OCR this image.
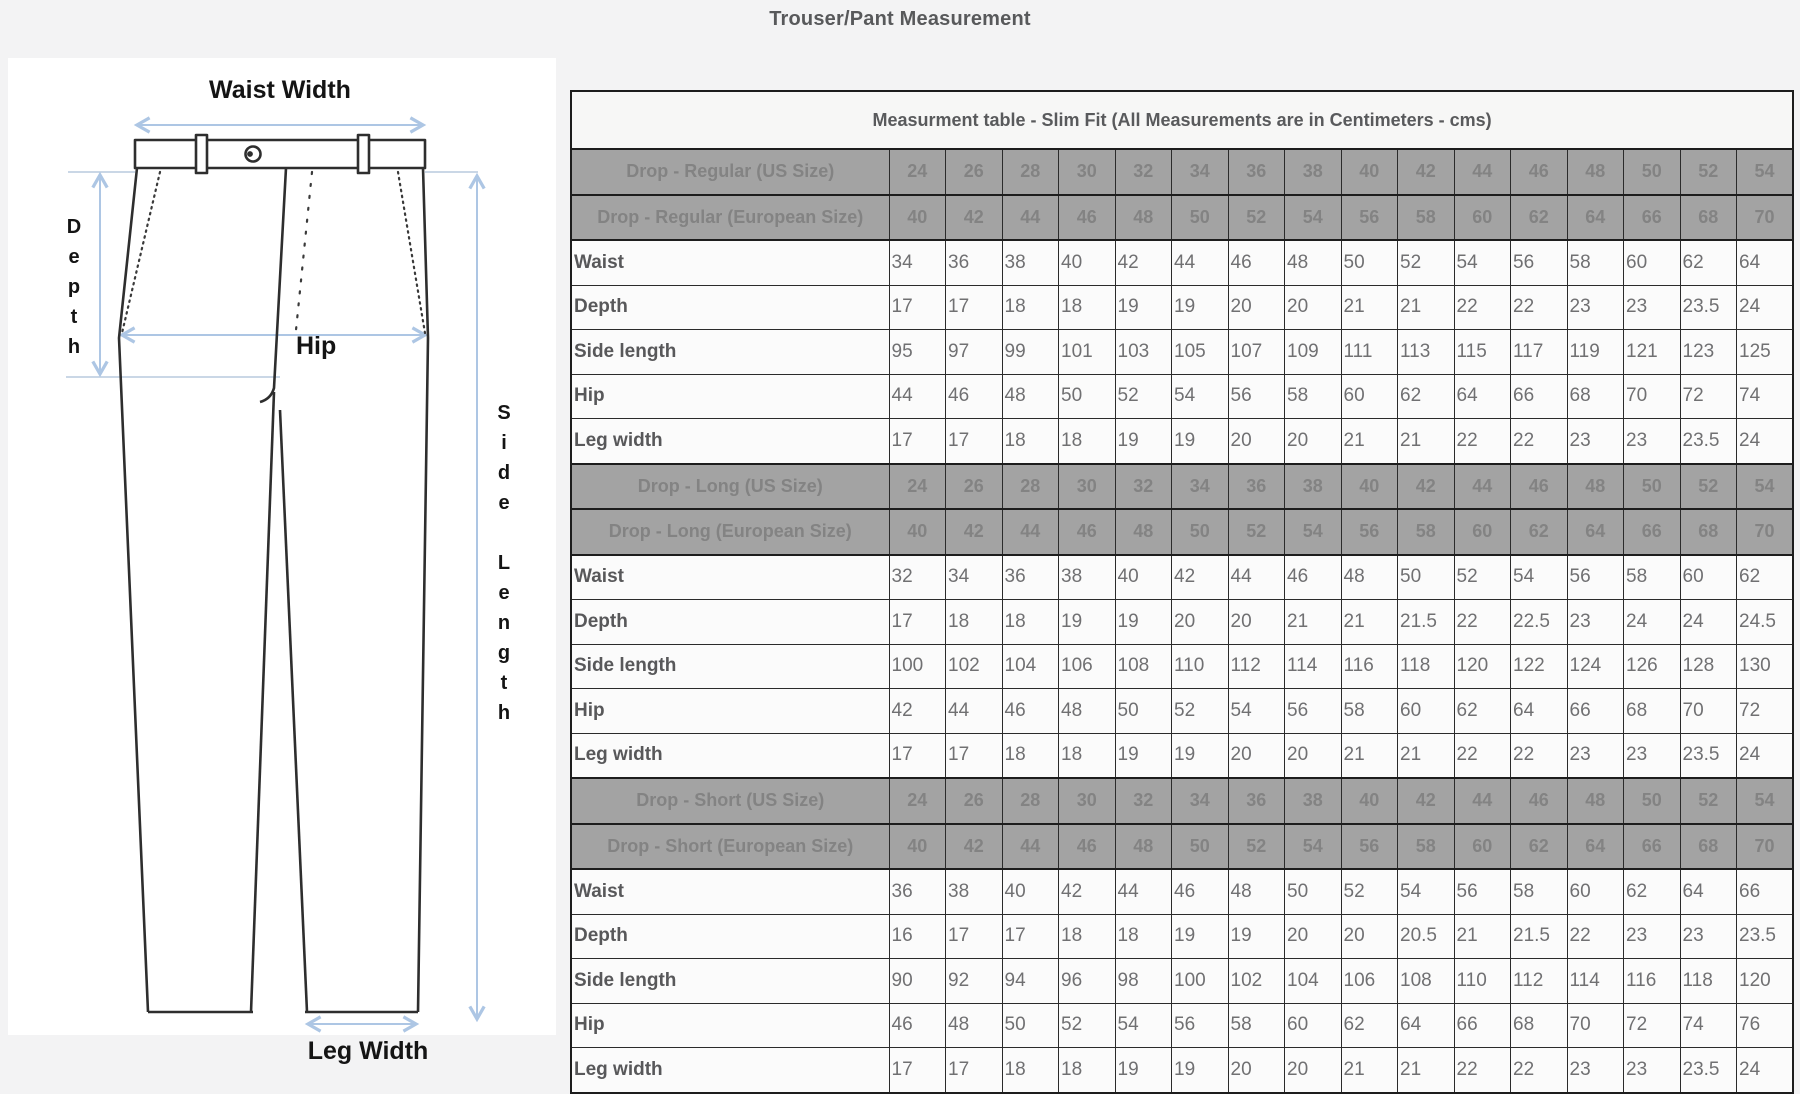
Trouser/Pant Measurement
Waist Width
Depth	Hip
Side Length
Leg Width
Measurment table - Slim Fit (All Measurements are in Centimeters - cms)																
Drop - Regular (US Size)	24	26	28	30	32	34	36	38	40	42	44	46	48	50	52	54
Drop - Regular (European Size)	40	42	44	46	48	50	52	54	56	58	60	62	64	66	68	70
Waist	34	36	38	40	42	44	46	48	50	52	54	56	58	60	62	64
Depth	17	17	18	18	19	19	20	20	21	21	22	22	23	23	23.5	24
Side length	95	97	99	101	103	105	107	109	111	113	115	117	119	121	123	125
Hip	44	46	48	50	52	54	56	58	60	62	64	66	68	70	72	74
Leg width	17	17	18	18	19	19	20	20	21	21	22	22	23	23	23.5	24
Drop - Long (US Size)	24	26	28	30	32	34	36	38	40	42	44	46	48	50	52	54
Drop - Long (European Size)	40	42	44	46	48	50	52	54	56	58	60	62	64	66	68	70
Waist	32	34	36	38	40	42	44	46	48	50	52	54	56	58	60	62
Depth	17	18	18	19	19	20	20	21	21	21.5	22	22.5	23	24	24	24.5
Side length	100	102	104	106	108	110	112	114	116	118	120	122	124	126	128	130
Hip	42	44	46	48	50	52	54	56	58	60	62	64	66	68	70	72
Leg width	17	17	18	18	19	19	20	20	21	21	22	22	23	23	23.5	24
Drop - Short (US Size)	24	26	28	30	32	34	36	38	40	42	44	46	48	50	52	54
Drop - Short (European Size)	40	42	44	46	48	50	52	54	56	58	60	62	64	66	68	70
Waist	36	38	40	42	44	46	48	50	52	54	56	58	60	62	64	66
Depth	16	17	17	18	18	19	19	20	20	20.5	21	21.5	22	23	23	23.5
Side length	90	92	94	96	98	100	102	104	106	108	110	112	114	116	118	120
Hip	46	48	50	52	54	56	58	60	62	64	66	68	70	72	74	76
Leg width	17	17	18	18	19	19	20	20	21	21	22	22	23	23	23.5	24
